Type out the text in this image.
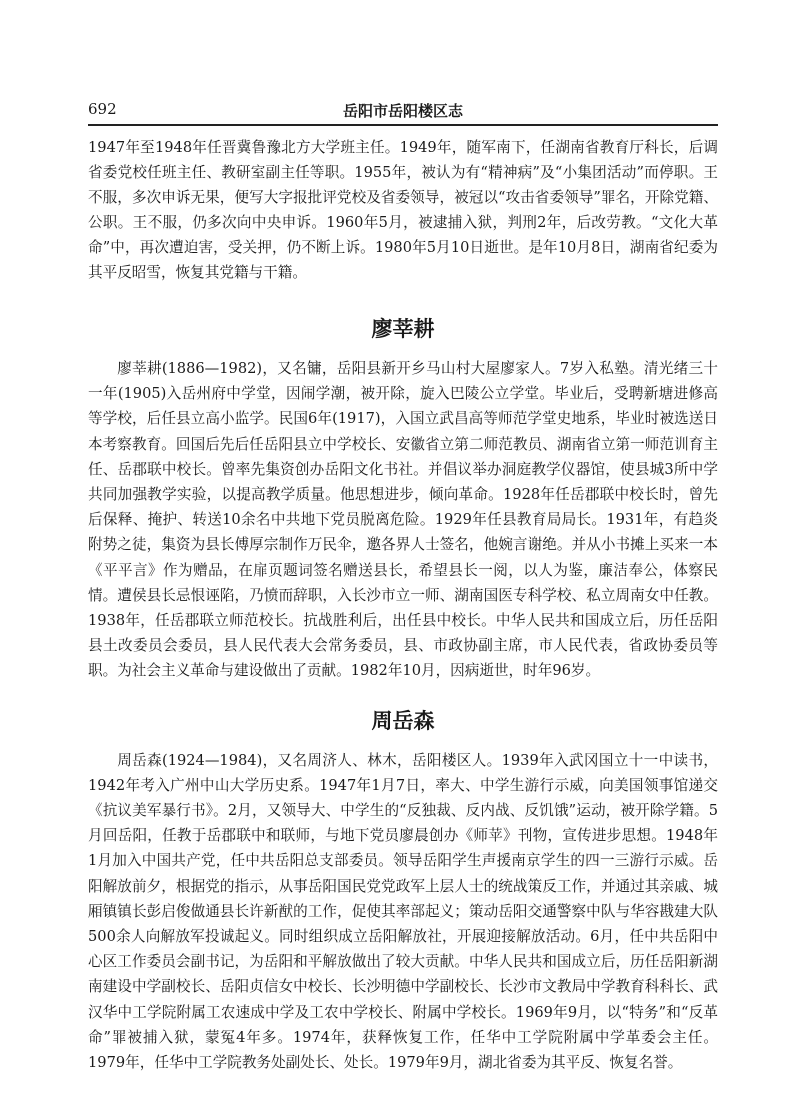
692	岳阳市岳阳楼区志

1947年至1948年任晋冀鲁豫北方大学班主任。1949年，随军南下，任湖南省教育厅科长，后调省委党校任班主任、教研室副主任等职。1955年，被认为有“精神病”及“小集团活动”而停职。王不服，多次申诉无果，便写大字报批评党校及省委领导，被冠以“攻击省委领导”罪名，开除党籍、公职。王不服，仍多次向中央申诉。1960年5月，被逮捕入狱，判刑2年，后改劳教。“文化大革命”中，再次遭迫害，受关押，仍不断上诉。1980年5月10日逝世。是年10月8日，湖南省纪委为其平反昭雪，恢复其党籍与干籍。

廖莘耕

廖莘耕(1886—1982)，又名镛，岳阳县新开乡马山村大屋廖家人。7岁入私塾。清光绪三十一年(1905)入岳州府中学堂，因闹学潮，被开除，旋入巴陵公立学堂。毕业后，受聘新塘进修高等学校，后任县立高小监学。民国6年(1917)，入国立武昌高等师范学堂史地系，毕业时被选送日本考察教育。回国后先后任岳阳县立中学校长、安徽省立第二师范教员、湖南省立第一师范训育主任、岳郡联中校长。曾率先集资创办岳阳文化书社。并倡议举办洞庭教学仪器馆，使县城3所中学共同加强教学实验，以提高教学质量。他思想进步，倾向革命。1928年任岳郡联中校长时，曾先后保释、掩护、转送10余名中共地下党员脱离危险。1929年任县教育局局长。1931年，有趋炎附势之徒，集资为县长傅厚宗制作万民伞，邀各界人士签名，他婉言谢绝。并从小书摊上买来一本《平平言》作为赠品，在扉页题词签名赠送县长，希望县长一阅，以人为鉴，廉洁奉公，体察民情。遭侯县长忌恨诬陷，乃愤而辞职，入长沙市立一师、湖南国医专科学校、私立周南女中任教。1938年，任岳郡联立师范校长。抗战胜利后，出任县中校长。中华人民共和国成立后，历任岳阳县土改委员会委员，县人民代表大会常务委员，县、市政协副主席，市人民代表，省政协委员等职。为社会主义革命与建设做出了贡献。1982年10月，因病逝世，时年96岁。

周岳森

周岳森(1924—1984)，又名周济人、林木，岳阳楼区人。1939年入武冈国立十一中读书，1942年考入广州中山大学历史系。1947年1月7日，率大、中学生游行示威，向美国领事馆递交《抗议美军暴行书》。2月，又领导大、中学生的“反独裁、反内战、反饥饿”运动，被开除学籍。5月回岳阳，任教于岳郡联中和联师，与地下党员廖晨创办《师苹》刊物，宣传进步思想。1948年1月加入中国共产党，任中共岳阳总支部委员。领导岳阳学生声援南京学生的四一三游行示威。岳阳解放前夕，根据党的指示，从事岳阳国民党党政军上层人士的统战策反工作，并通过其亲戚、城厢镇镇长彭启俊做通县长许新猷的工作，促使其率部起义；策动岳阳交通警察中队与华容戡建大队500余人向解放军投诚起义。同时组织成立岳阳解放社，开展迎接解放活动。6月，任中共岳阳中心区工作委员会副书记，为岳阳和平解放做出了较大贡献。中华人民共和国成立后，历任岳阳新湖南建设中学副校长、岳阳贞信女中校长、长沙明德中学副校长、长沙市文教局中学教育科科长、武汉华中工学院附属工农速成中学及工农中学校长、附属中学校长。1969年9月，以“特务”和“反革命”罪被捕入狱，蒙冤4年多。1974年，获释恢复工作，任华中工学院附属中学革委会主任。1979年，任华中工学院教务处副处长、处长。1979年9月，湖北省委为其平反、恢复名誉。
